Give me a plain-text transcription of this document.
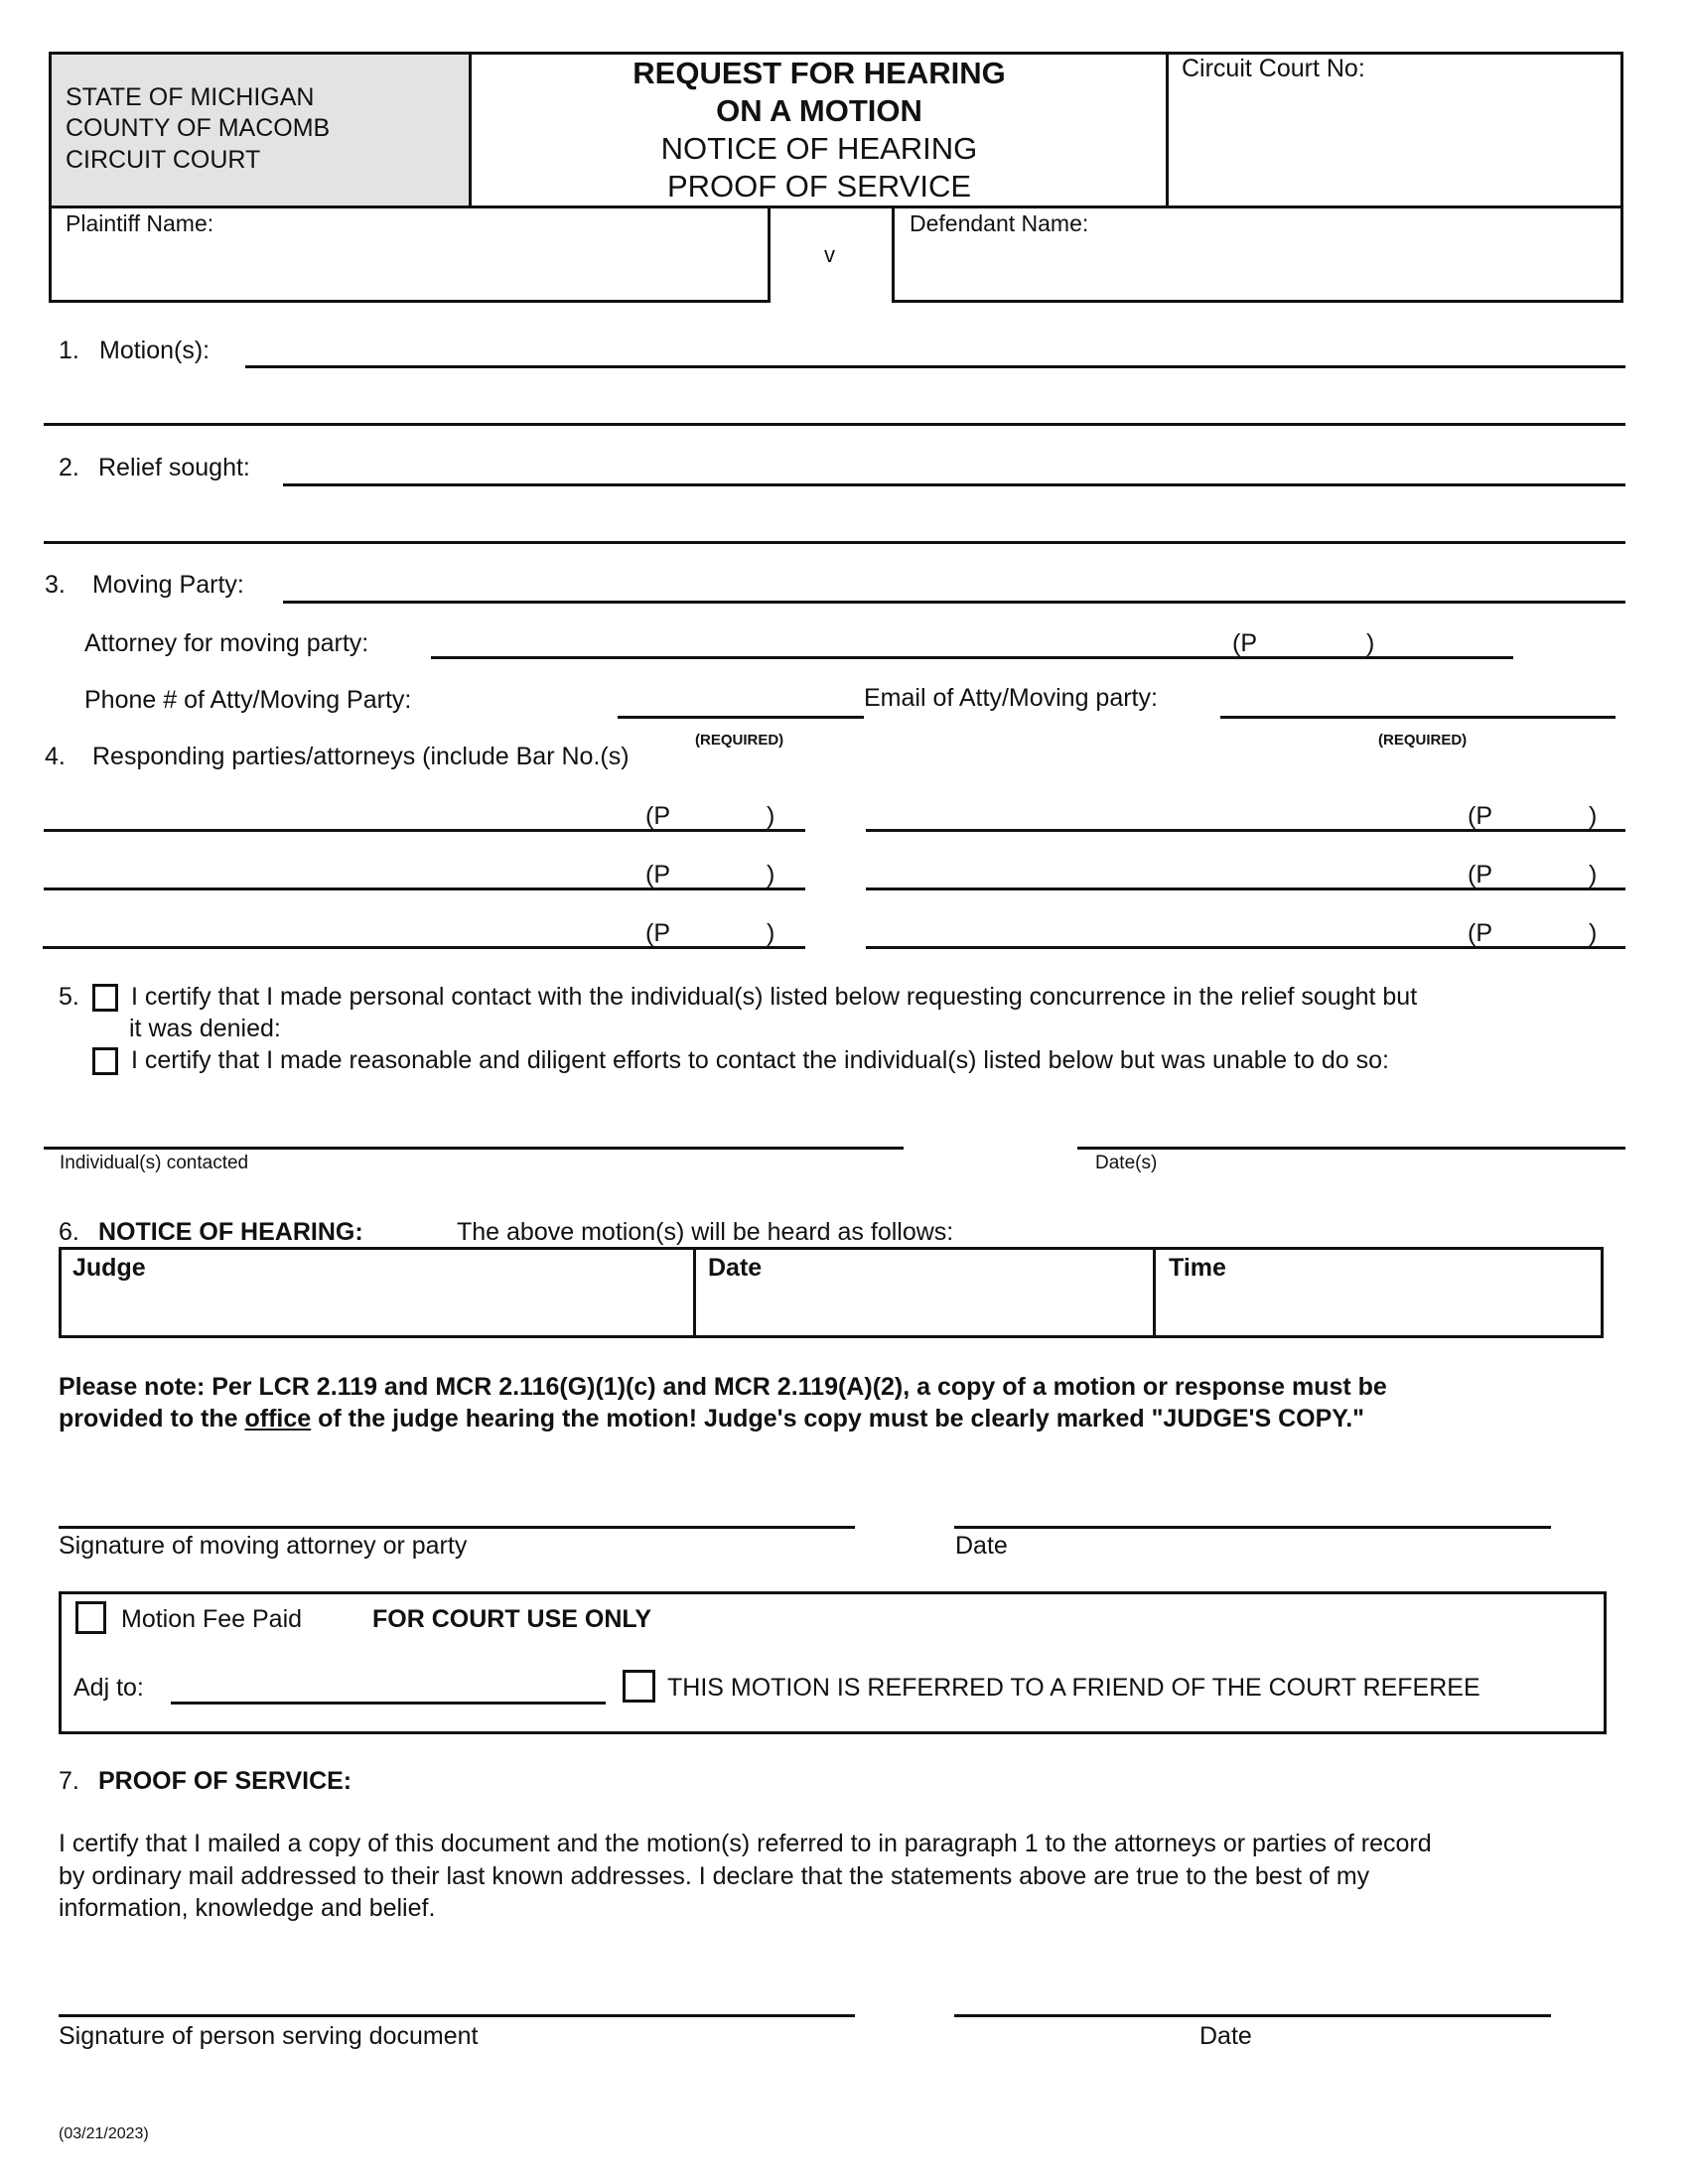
STATE OF MICHIGAN
COUNTY OF MACOMB
CIRCUIT COURT
REQUEST FOR HEARING
ON A MOTION
NOTICE OF HEARING
PROOF OF SERVICE
Circuit Court No:
Plaintiff Name:
v
Defendant Name:
1. Motion(s):
2. Relief sought:
3. Moving Party:
Attorney for moving party:	(P	)
Phone # of Atty/Moving Party:	Email of Atty/Moving party:
(REQUIRED)	(REQUIRED)
4. Responding parties/attorneys (include Bar No.(s)
(P	)	(P	)
(P	)	(P	)
(P	)	(P	)
5. I certify that I made personal contact with the individual(s) listed below requesting concurrence in the relief sought but
it was denied:
I certify that I made reasonable and diligent efforts to contact the individual(s) listed below but was unable to do so:
Individual(s) contacted	Date(s)
6. NOTICE OF HEARING:	The above motion(s) will be heard as follows:
Judge	Date	Time
Please note: Per LCR 2.119 and MCR 2.116(G)(1)(c) and MCR 2.119(A)(2), a copy of a motion or response must be
provided to the office of the judge hearing the motion! Judge's copy must be clearly marked "JUDGE'S COPY."
Signature of moving attorney or party	Date
Motion Fee Paid	FOR COURT USE ONLY
Adj to:	THIS MOTION IS REFERRED TO A FRIEND OF THE COURT REFEREE
7. PROOF OF SERVICE:
I certify that I mailed a copy of this document and the motion(s) referred to in paragraph 1 to the attorneys or parties of record
by ordinary mail addressed to their last known addresses. I declare that the statements above are true to the best of my
information, knowledge and belief.
Signature of person serving document	Date
(03/21/2023)
